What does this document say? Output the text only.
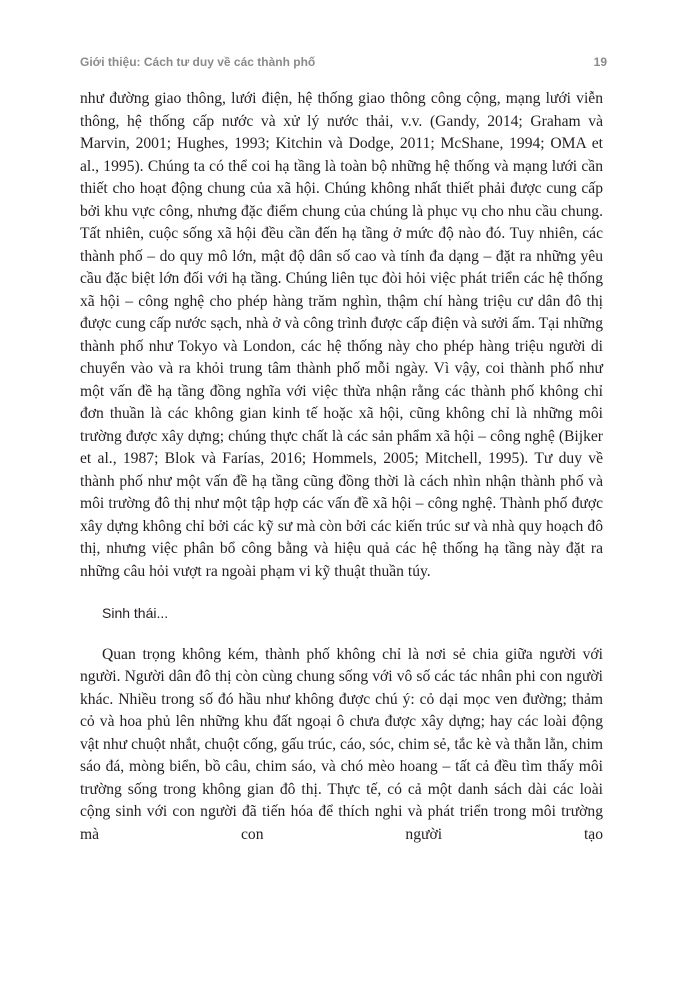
Giới thiệu: Cách tư duy về các thành phố	19

như đường giao thông, lưới điện, hệ thống giao thông công cộng, mạng lưới viễn thông, hệ thống cấp nước và xử lý nước thải, v.v. (Gandy, 2014; Graham và Marvin, 2001; Hughes, 1993; Kitchin và Dodge, 2011; McShane, 1994; OMA et al., 1995). Chúng ta có thể coi hạ tầng là toàn bộ những hệ thống và mạng lưới cần thiết cho hoạt động chung của xã hội. Chúng không nhất thiết phải được cung cấp bởi khu vực công, nhưng đặc điểm chung của chúng là phục vụ cho nhu cầu chung. Tất nhiên, cuộc sống xã hội đều cần đến hạ tầng ở mức độ nào đó. Tuy nhiên, các thành phố – do quy mô lớn, mật độ dân số cao và tính đa dạng – đặt ra những yêu cầu đặc biệt lớn đối với hạ tầng. Chúng liên tục đòi hỏi việc phát triển các hệ thống xã hội – công nghệ cho phép hàng trăm nghìn, thậm chí hàng triệu cư dân đô thị được cung cấp nước sạch, nhà ở và công trình được cấp điện và sưởi ấm. Tại những thành phố như Tokyo và London, các hệ thống này cho phép hàng triệu người di chuyển vào và ra khỏi trung tâm thành phố mỗi ngày. Vì vậy, coi thành phố như một vấn đề hạ tầng đồng nghĩa với việc thừa nhận rằng các thành phố không chỉ đơn thuần là các không gian kinh tế hoặc xã hội, cũng không chỉ là những môi trường được xây dựng; chúng thực chất là các sản phẩm xã hội – công nghệ (Bijker et al., 1987; Blok và Farías, 2016; Hommels, 2005; Mitchell, 1995). Tư duy về thành phố như một vấn đề hạ tầng cũng đồng thời là cách nhìn nhận thành phố và môi trường đô thị như một tập hợp các vấn đề xã hội – công nghệ. Thành phố được xây dựng không chỉ bởi các kỹ sư mà còn bởi các kiến trúc sư và nhà quy hoạch đô thị, nhưng việc phân bổ công bằng và hiệu quả các hệ thống hạ tầng này đặt ra những câu hỏi vượt ra ngoài phạm vi kỹ thuật thuần túy.

Sinh thái...

Quan trọng không kém, thành phố không chỉ là nơi sẻ chia giữa người với người. Người dân đô thị còn cùng chung sống với vô số các tác nhân phi con người khác. Nhiều trong số đó hầu như không được chú ý: cỏ dại mọc ven đường; thảm cỏ và hoa phủ lên những khu đất ngoại ô chưa được xây dựng; hay các loài động vật như chuột nhắt, chuột cống, gấu trúc, cáo, sóc, chim sẻ, tắc kè và thằn lằn, chim sáo đá, mòng biển, bồ câu, chim sáo, và chó mèo hoang – tất cả đều tìm thấy môi trường sống trong không gian đô thị. Thực tế, có cả một danh sách dài các loài cộng sinh với con người đã tiến hóa để thích nghi và phát triển trong môi trường mà con người tạo
